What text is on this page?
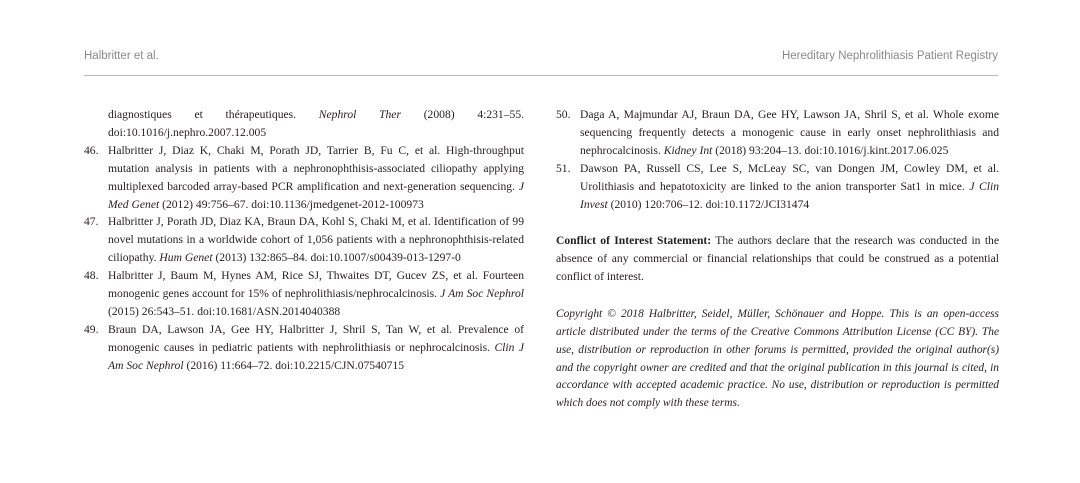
Halbritter et al.	Hereditary Nephrolithiasis Patient Registry

diagnostiques et thérapeutiques. Nephrol Ther (2008) 4:231–55. doi:10.1016/j.nephro.2007.12.005

46. Halbritter J, Diaz K, Chaki M, Porath JD, Tarrier B, Fu C, et al. High-throughput mutation analysis in patients with a nephronophthisis-associated ciliopathy applying multiplexed barcoded array-based PCR amplification and next-generation sequencing. J Med Genet (2012) 49:756–67. doi:10.1136/jmedgenet-2012-100973

47. Halbritter J, Porath JD, Diaz KA, Braun DA, Kohl S, Chaki M, et al. Identification of 99 novel mutations in a worldwide cohort of 1,056 patients with a nephronophthisis-related ciliopathy. Hum Genet (2013) 132:865–84. doi:10.1007/s00439-013-1297-0

48. Halbritter J, Baum M, Hynes AM, Rice SJ, Thwaites DT, Gucev ZS, et al. Fourteen monogenic genes account for 15% of nephrolithiasis/nephrocalcinosis. J Am Soc Nephrol (2015) 26:543–51. doi:10.1681/ASN.2014040388

49. Braun DA, Lawson JA, Gee HY, Halbritter J, Shril S, Tan W, et al. Prevalence of monogenic causes in pediatric patients with nephrolithiasis or nephrocalcinosis. Clin J Am Soc Nephrol (2016) 11:664–72. doi:10.2215/CJN.07540715

50. Daga A, Majmundar AJ, Braun DA, Gee HY, Lawson JA, Shril S, et al. Whole exome sequencing frequently detects a monogenic cause in early onset nephrolithiasis and nephrocalcinosis. Kidney Int (2018) 93:204–13. doi:10.1016/j.kint.2017.06.025

51. Dawson PA, Russell CS, Lee S, McLeay SC, van Dongen JM, Cowley DM, et al. Urolithiasis and hepatotoxicity are linked to the anion transporter Sat1 in mice. J Clin Invest (2010) 120:706–12. doi:10.1172/JCI31474

Conflict of Interest Statement: The authors declare that the research was conducted in the absence of any commercial or financial relationships that could be construed as a potential conflict of interest.

Copyright © 2018 Halbritter, Seidel, Müller, Schönauer and Hoppe. This is an open-access article distributed under the terms of the Creative Commons Attribution License (CC BY). The use, distribution or reproduction in other forums is permitted, provided the original author(s) and the copyright owner are credited and that the original publication in this journal is cited, in accordance with accepted academic practice. No use, distribution or reproduction is permitted which does not comply with these terms.
